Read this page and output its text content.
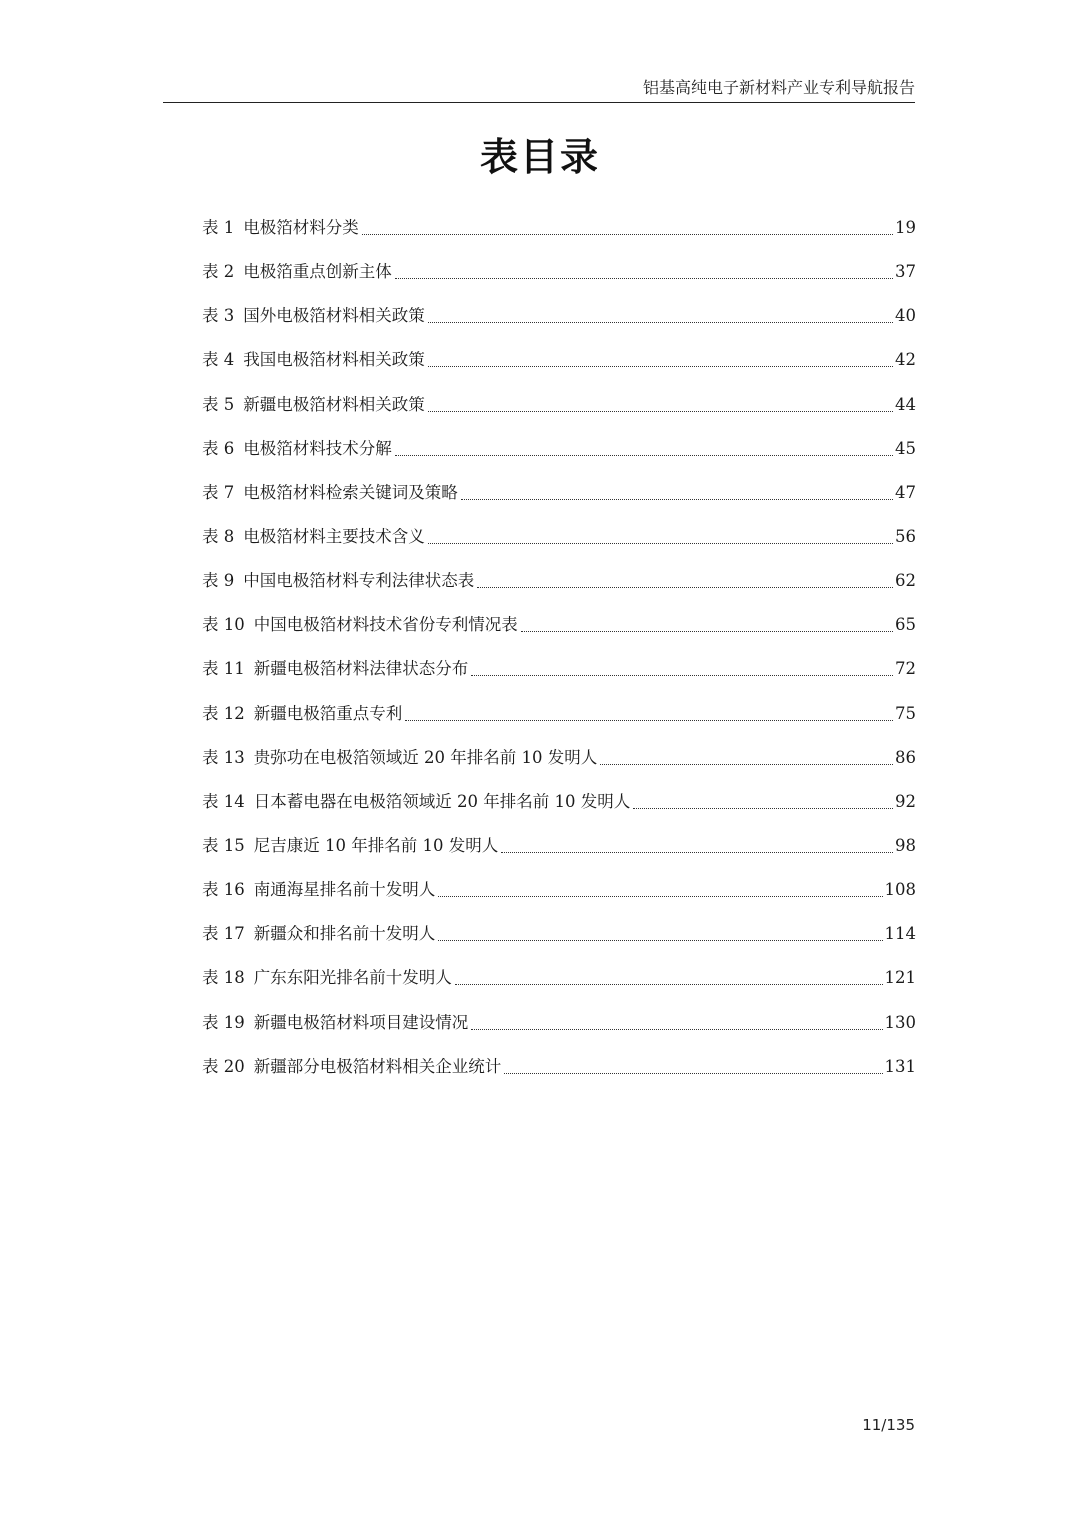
铝基高纯电子新材料产业专利导航报告
表目录
表 1 电极箔材料分类	19
表 2 电极箔重点创新主体	37
表 3 国外电极箔材料相关政策	40
表 4 我国电极箔材料相关政策	42
表 5 新疆电极箔材料相关政策	44
表 6 电极箔材料技术分解	45
表 7 电极箔材料检索关键词及策略	47
表 8 电极箔材料主要技术含义	56
表 9 中国电极箔材料专利法律状态表	62
表 10 中国电极箔材料技术省份专利情况表	65
表 11 新疆电极箔材料法律状态分布	72
表 12 新疆电极箔重点专利	75
表 13 贵弥功在电极箔领域近 20 年排名前 10 发明人	86
表 14 日本蓄电器在电极箔领域近 20 年排名前 10 发明人	92
表 15 尼吉康近 10 年排名前 10 发明人	98
表 16 南通海星排名前十发明人	108
表 17 新疆众和排名前十发明人	114
表 18 广东东阳光排名前十发明人	121
表 19 新疆电极箔材料项目建设情况	130
表 20 新疆部分电极箔材料相关企业统计	131
11/135
